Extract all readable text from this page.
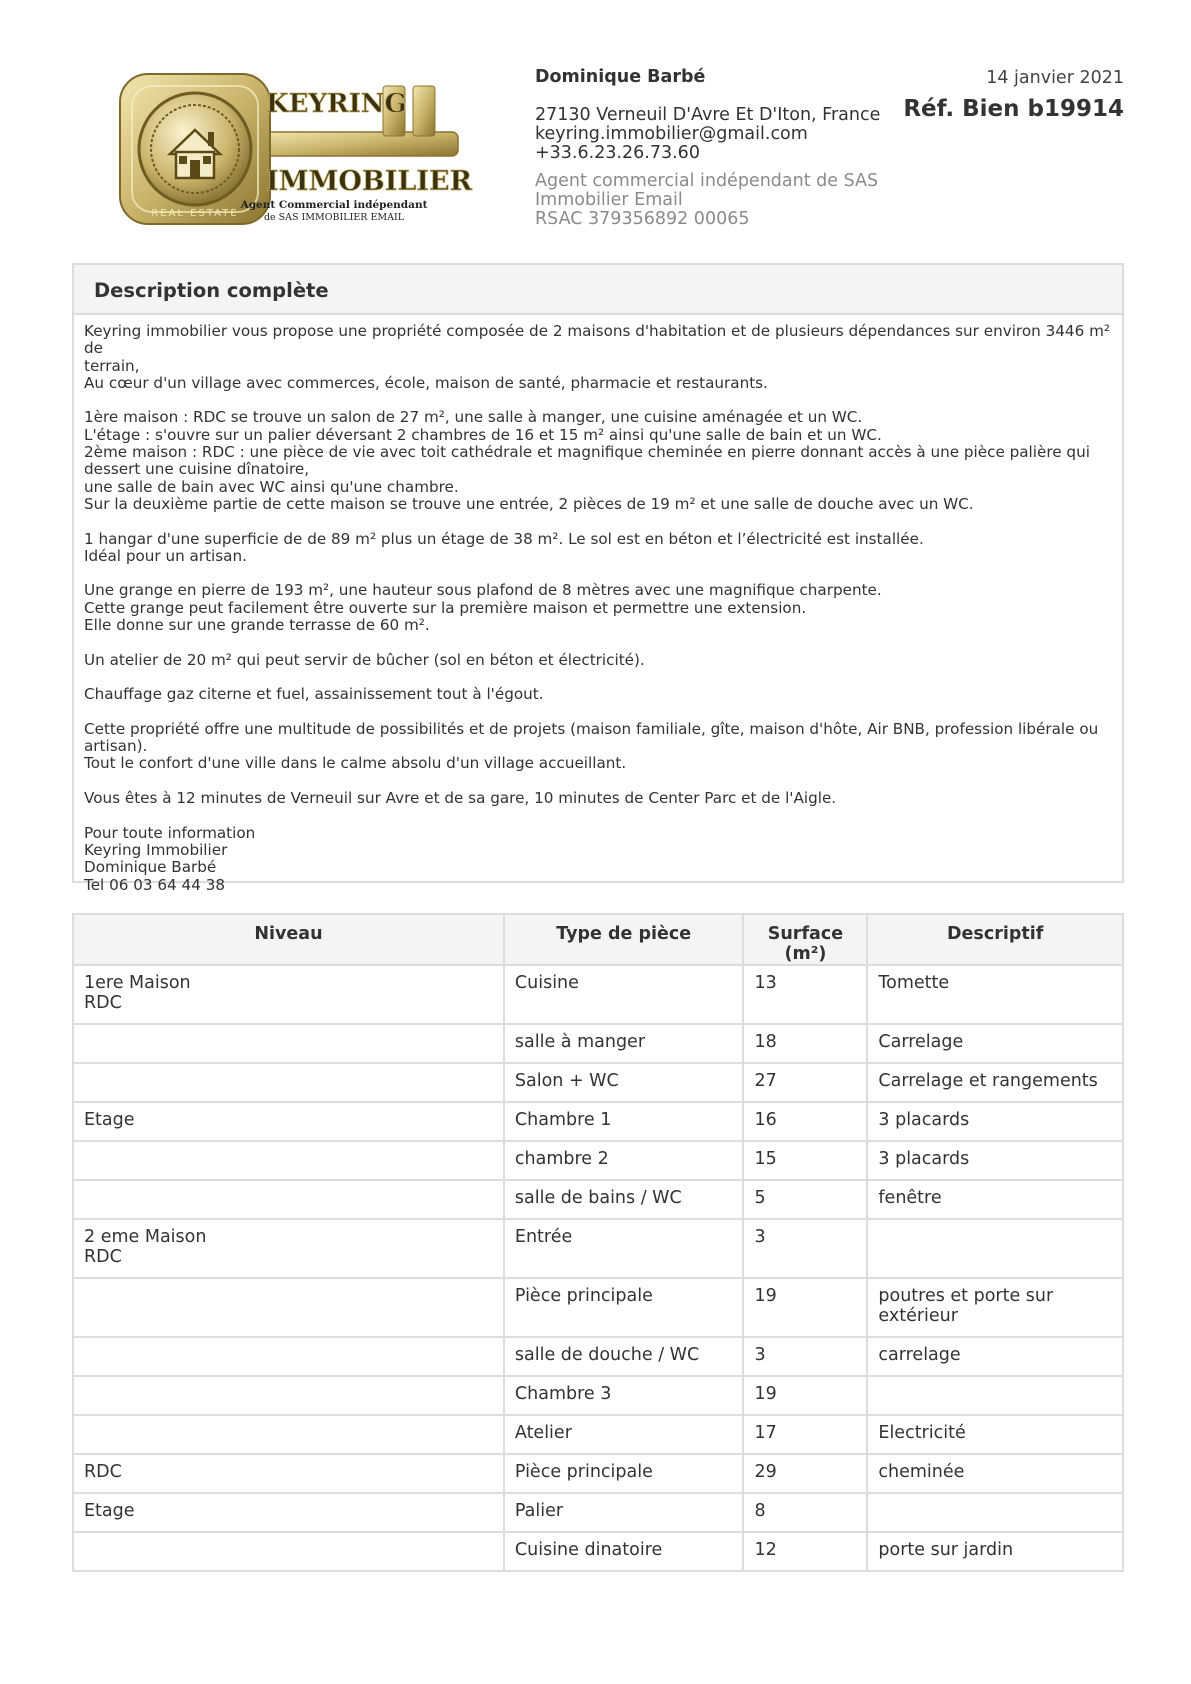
KEYRING
IMMOBILIER
Agent Commercial indépendant
de SAS IMMOBILIER EMAIL
REAL ESTATE
Dominique Barbé
27130 Verneuil D'Avre Et D'Iton, France
keyring.immobilier@gmail.com
+33.6.23.26.73.60
Agent commercial indépendant de SAS
Immobilier Email
RSAC 379356892 00065
14 janvier 2021
Réf. Bien b19914
Description complète
Keyring immobilier vous propose une propriété composée de 2 maisons d'habitation et de plusieurs dépendances sur environ 3446 m² de
terrain,
Au cœur d'un village avec commerces, école, maison de santé, pharmacie et restaurants.
1ère maison : RDC se trouve un salon de 27 m², une salle à manger, une cuisine aménagée et un WC.
L'étage : s'ouvre sur un palier déversant 2 chambres de 16 et 15 m² ainsi qu'une salle de bain et un WC.
2ème maison : RDC : une pièce de vie avec toit cathédrale et magnifique cheminée en pierre donnant accès à une pièce palière qui
dessert une cuisine dînatoire,
une salle de bain avec WC ainsi qu'une chambre.
Sur la deuxième partie de cette maison se trouve une entrée, 2 pièces de 19 m² et une salle de douche avec un WC.
1 hangar d'une superficie de de 89 m² plus un étage de 38 m². Le sol est en béton et l’électricité est installée.
Idéal pour un artisan.
Une grange en pierre de 193 m², une hauteur sous plafond de 8 mètres avec une magnifique charpente.
Cette grange peut facilement être ouverte sur la première maison et permettre une extension.
Elle donne sur une grande terrasse de 60 m².
Un atelier de 20 m² qui peut servir de bûcher (sol en béton et électricité).
Chauffage gaz citerne et fuel, assainissement tout à l'égout.
Cette propriété offre une multitude de possibilités et de projets (maison familiale, gîte, maison d'hôte, Air BNB, profession libérale ou
artisan).
Tout le confort d'une ville dans le calme absolu d'un village accueillant.
Vous êtes à 12 minutes de Verneuil sur Avre et de sa gare, 10 minutes de Center Parc et de l'Aigle.
Pour toute information
Keyring Immobilier
Dominique Barbé
Tel 06 03 64 44 38
Niveau	Type de pièce	Surface
(m²)	Descriptif

1ere Maison
RDC	Cuisine	13	Tomette

	salle à manger	18	Carrelage

	Salon + WC	27	Carrelage et rangements

Etage	Chambre 1	16	3 placards

	chambre 2	15	3 placards

	salle de bains / WC	5	fenêtre

2 eme Maison
RDC	Entrée	3	
	Pièce principale	19	poutres et porte sur
extérieur

	salle de douche / WC	3	carrelage

	Chambre 3	19	
	Atelier	17	Electricité

RDC	Pièce principale	29	cheminée

Etage	Palier	8	
	Cuisine dinatoire	12	porte sur jardin
